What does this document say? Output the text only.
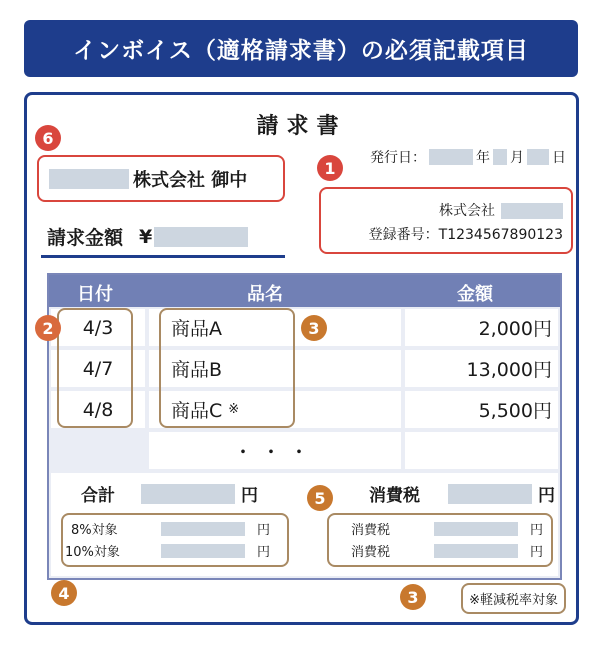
インボイス（適格請求書）の必須記載項目
請求書
発行日：	年 月 日
6
株式会社 御中
請求金額 ¥
1
株式会社
登録番号：T1234567890123
日付	品名	金額
4/3	商品A	2,000円
4/7	商品B	13,000円
4/8	商品C ※	5,500円
・・・
2	3
合計	円	消費税	円
8%対象	円
10%対象	円
消費税	円
消費税	円
5
4	3	※軽減税率対象
